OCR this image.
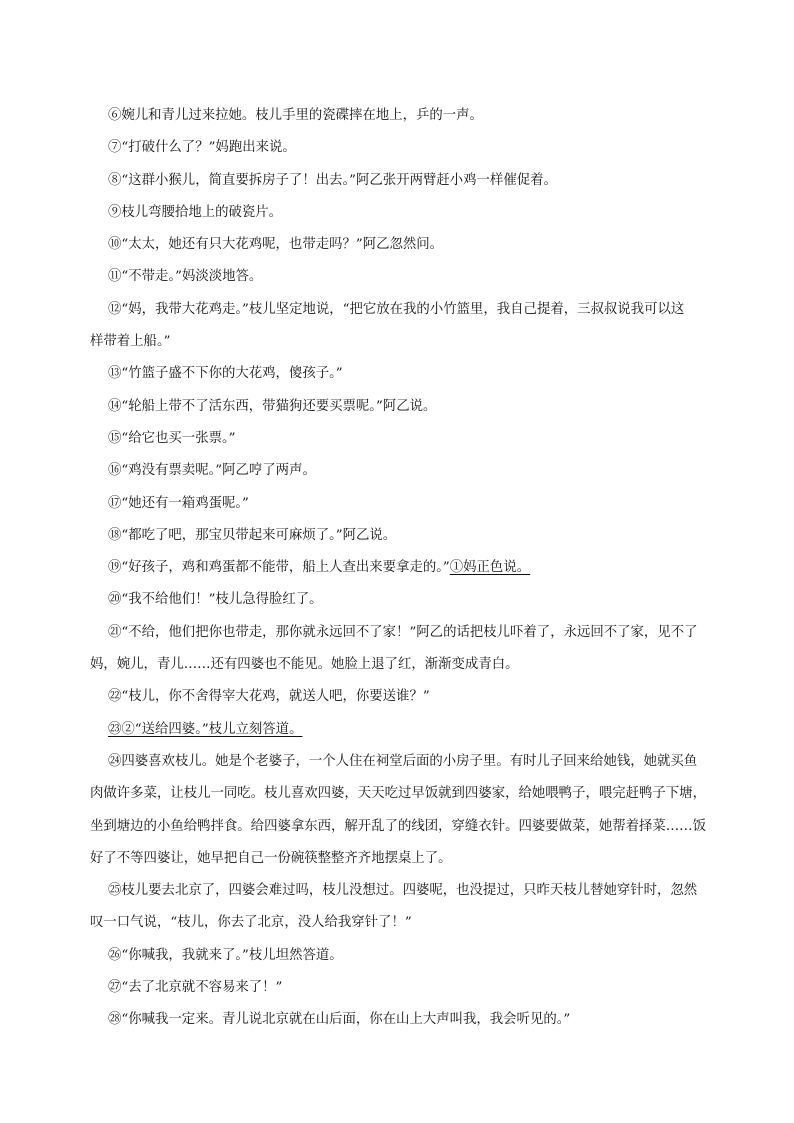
⑥婉儿和青儿过来拉她。枝儿手里的瓷碟摔在地上，乒的一声。

⑦“打破什么了？”妈跑出来说。

⑧“这群小猴儿，简直要拆房子了！出去。”阿乙张开两臂赶小鸡一样催促着。

⑨枝儿弯腰拾地上的破瓷片。

⑩“太太，她还有只大花鸡呢，也带走吗？”阿乙忽然问。

⑪“不带走。”妈淡淡地答。

⑫“妈，我带大花鸡走。”枝儿坚定地说，“把它放在我的小竹篮里，我自己提着，三叔叔说我可以这

样带着上船。”

⑬“竹篮子盛不下你的大花鸡，傻孩子。”

⑭“轮船上带不了活东西，带猫狗还要买票呢。”阿乙说。

⑮“给它也买一张票。”

⑯“鸡没有票卖呢。”阿乙哼了两声。

⑰“她还有一箱鸡蛋呢。”

⑱“都吃了吧，那宝贝带起来可麻烦了。”阿乙说。

⑲“好孩子，鸡和鸡蛋都不能带，船上人查出来要拿走的。”①妈正色说。

⑳“我不给他们！”枝儿急得脸红了。

㉑“不给，他们把你也带走，那你就永远回不了家！”阿乙的话把枝儿吓着了，永远回不了家，见不了

妈，婉儿，青儿……还有四婆也不能见。她脸上退了红，渐渐变成青白。

㉒“枝儿，你不舍得宰大花鸡，就送人吧，你要送谁？”

㉓②“送给四婆。”枝儿立刻答道。

㉔四婆喜欢枝儿。她是个老婆子，一个人住在祠堂后面的小房子里。有时儿子回来给她钱，她就买鱼

肉做许多菜，让枝儿一同吃。枝儿喜欢四婆，天天吃过早饭就到四婆家，给她喂鸭子，喂完赶鸭子下塘，

坐到塘边的小鱼给鸭拌食。给四婆拿东西，解开乱了的线团，穿缝衣针。四婆要做菜，她帮着择菜……饭

好了不等四婆让，她早把自己一份碗筷整整齐齐地摆桌上了。

㉕枝儿要去北京了，四婆会难过吗，枝儿没想过。四婆呢，也没提过，只昨天枝儿替她穿针时，忽然

叹一口气说，“枝儿，你去了北京，没人给我穿针了！”

㉖“你喊我，我就来了。”枝儿坦然答道。

㉗“去了北京就不容易来了！”

㉘“你喊我一定来。青儿说北京就在山后面，你在山上大声叫我，我会听见的。”
